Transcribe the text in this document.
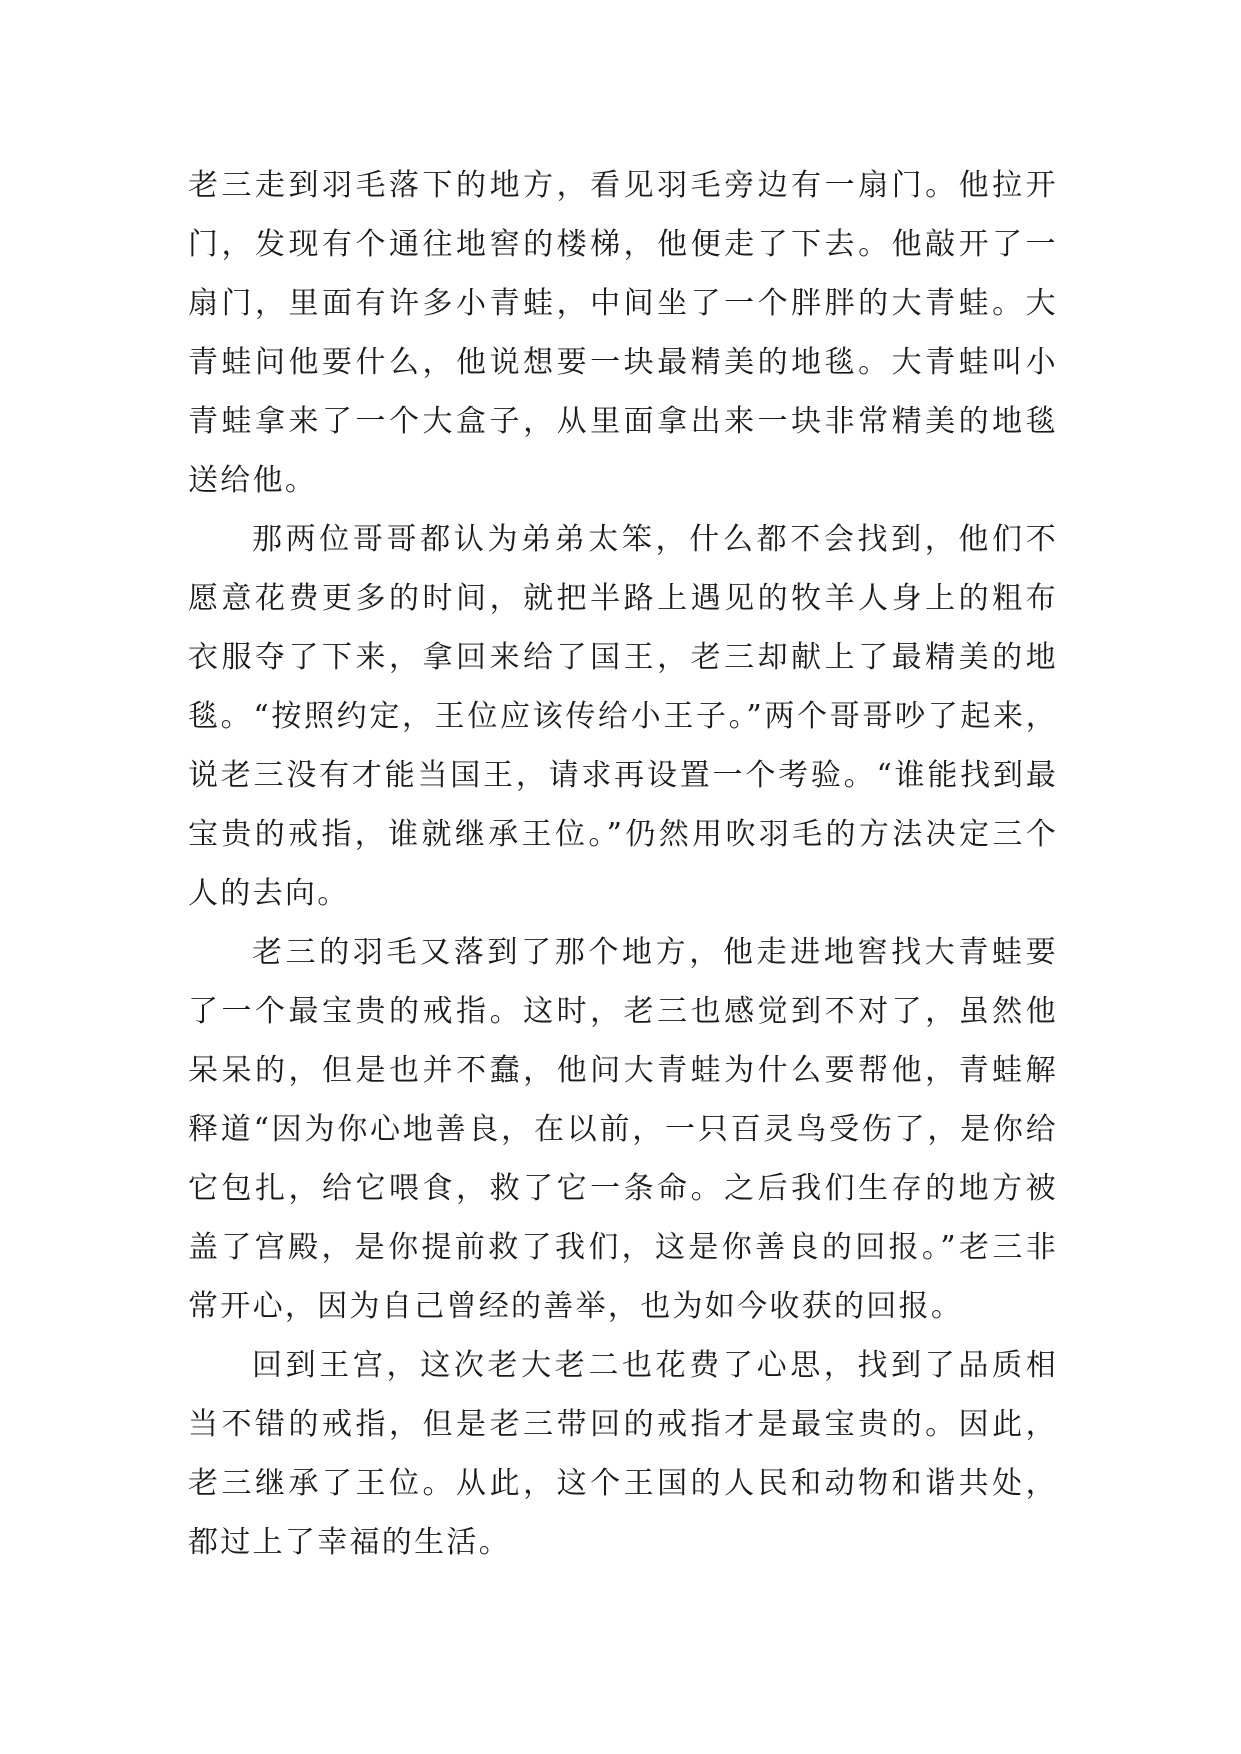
老三走到羽毛落下的地方，看见羽毛旁边有一扇门。他拉开门，发现有个通往地窖的楼梯，他便走了下去。他敲开了一扇门，里面有许多小青蛙，中间坐了一个胖胖的大青蛙。大青蛙问他要什么，他说想要一块最精美的地毯。大青蛙叫小青蛙拿来了一个大盒子，从里面拿出来一块非常精美的地毯送给他。

那两位哥哥都认为弟弟太笨，什么都不会找到，他们不愿意花费更多的时间，就把半路上遇见的牧羊人身上的粗布衣服夺了下来，拿回来给了国王，老三却献上了最精美的地毯。“按照约定，王位应该传给小王子。”两个哥哥吵了起来，说老三没有才能当国王，请求再设置一个考验。“谁能找到最宝贵的戒指，谁就继承王位。”仍然用吹羽毛的方法决定三个人的去向。

老三的羽毛又落到了那个地方，他走进地窖找大青蛙要了一个最宝贵的戒指。这时，老三也感觉到不对了，虽然他呆呆的，但是也并不蠢，他问大青蛙为什么要帮他，青蛙解释道“因为你心地善良，在以前，一只百灵鸟受伤了，是你给它包扎，给它喂食，救了它一条命。之后我们生存的地方被盖了宫殿，是你提前救了我们，这是你善良的回报。”老三非常开心，因为自己曾经的善举，也为如今收获的回报。

回到王宫，这次老大老二也花费了心思，找到了品质相当不错的戒指，但是老三带回的戒指才是最宝贵的。因此，老三继承了王位。从此，这个王国的人民和动物和谐共处，都过上了幸福的生活。
